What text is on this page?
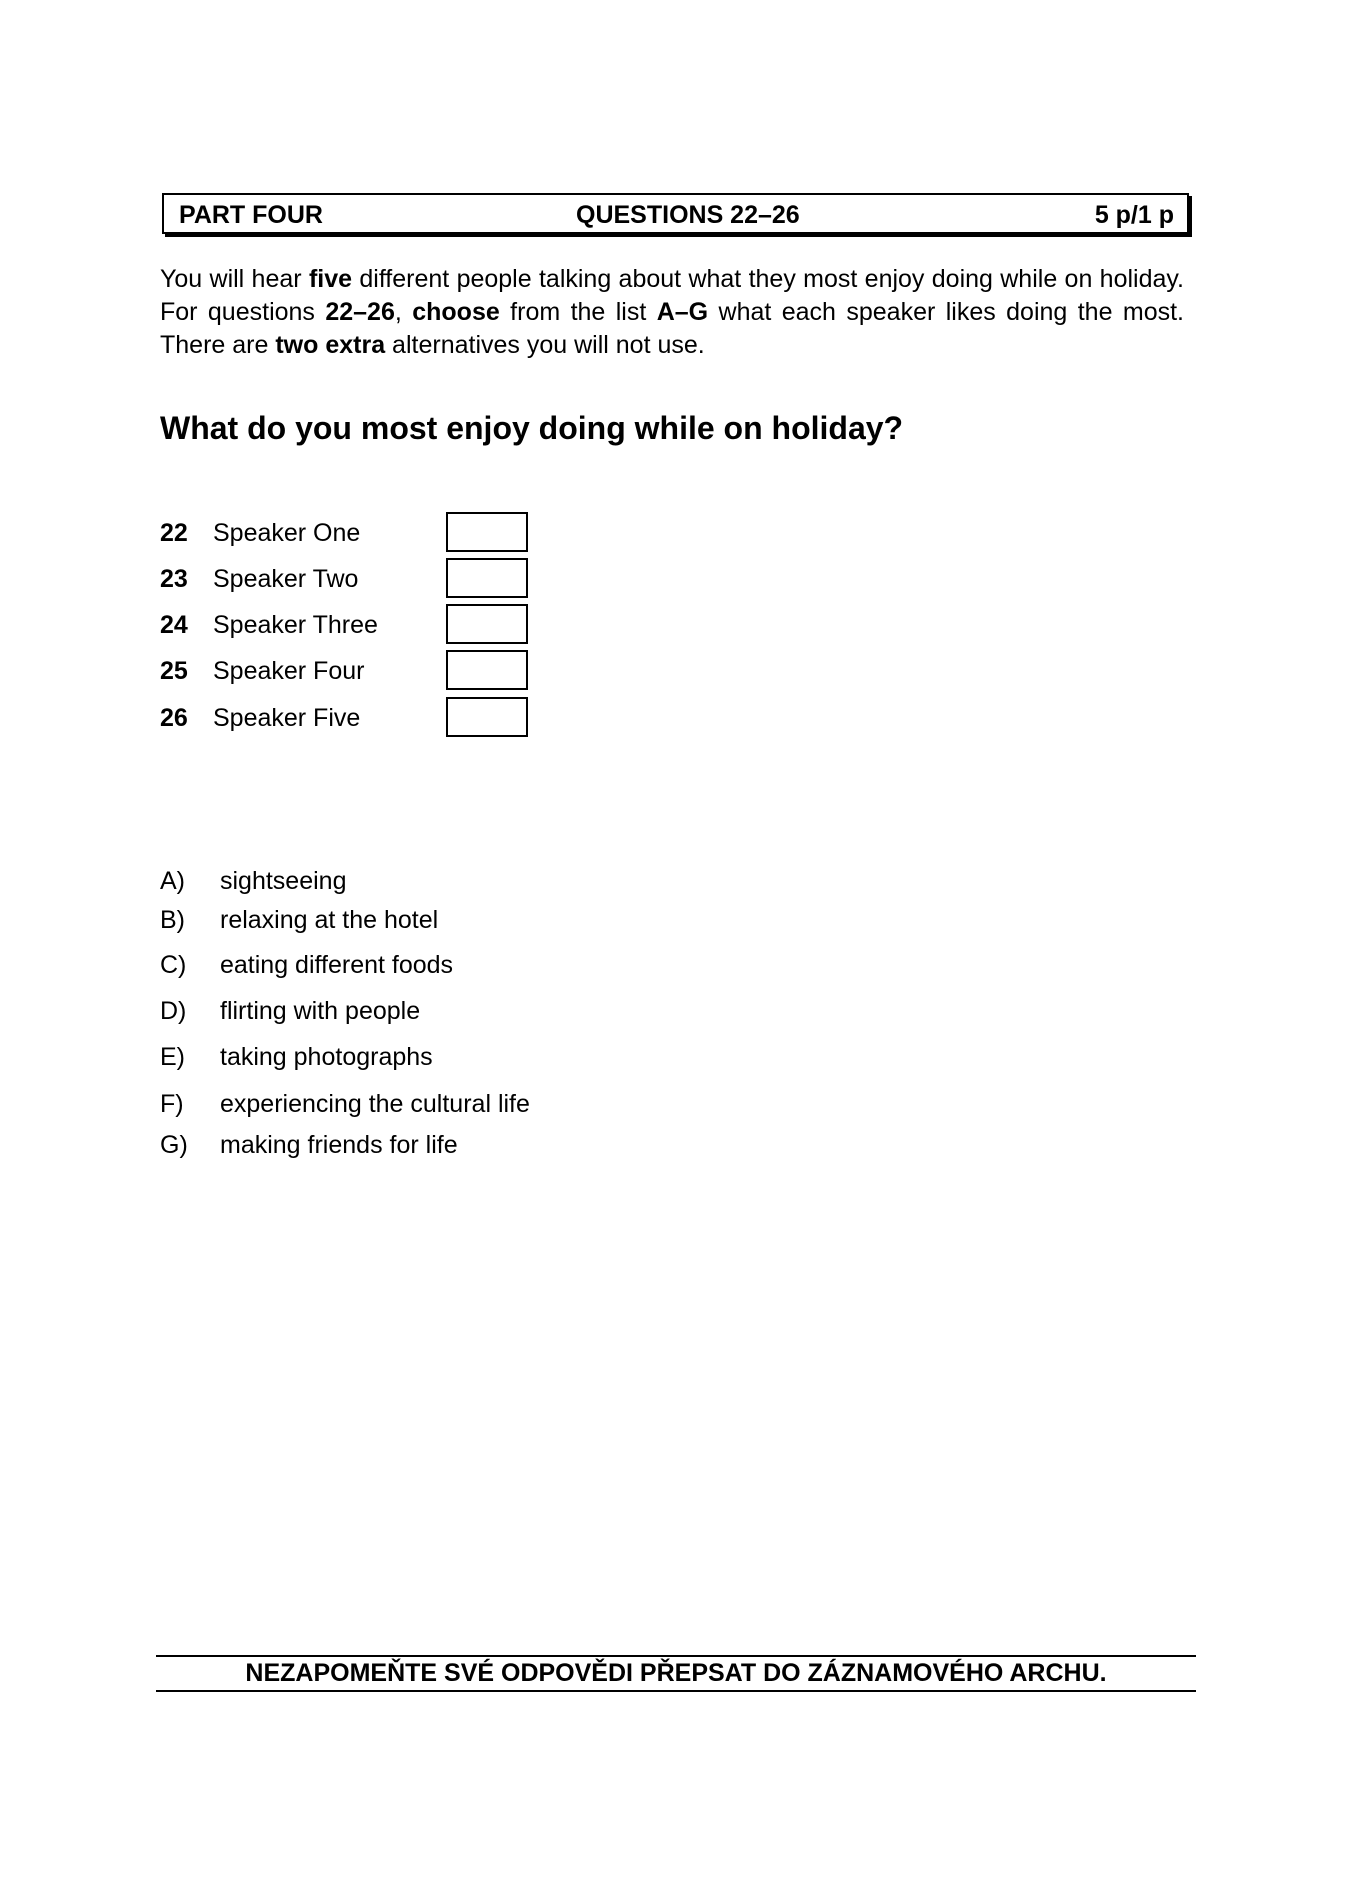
PART FOUR	QUESTIONS 22–26	5 p/1 p

You will hear five different people talking about what they most enjoy doing while on holiday. For questions 22–26, choose from the list A–G what each speaker likes doing the most. There are two extra alternatives you will not use.

What do you most enjoy doing while on holiday?
22 Speaker One
23 Speaker Two
24 Speaker Three
25 Speaker Four
26 Speaker Five
A) sightseeing
B) relaxing at the hotel
C) eating different foods
D) flirting with people
E) taking photographs
F) experiencing the cultural life
G) making friends for life
NEZAPOMEŇTE SVÉ ODPOVĚDI PŘEPSAT DO ZÁZNAMOVÉHO ARCHU.
